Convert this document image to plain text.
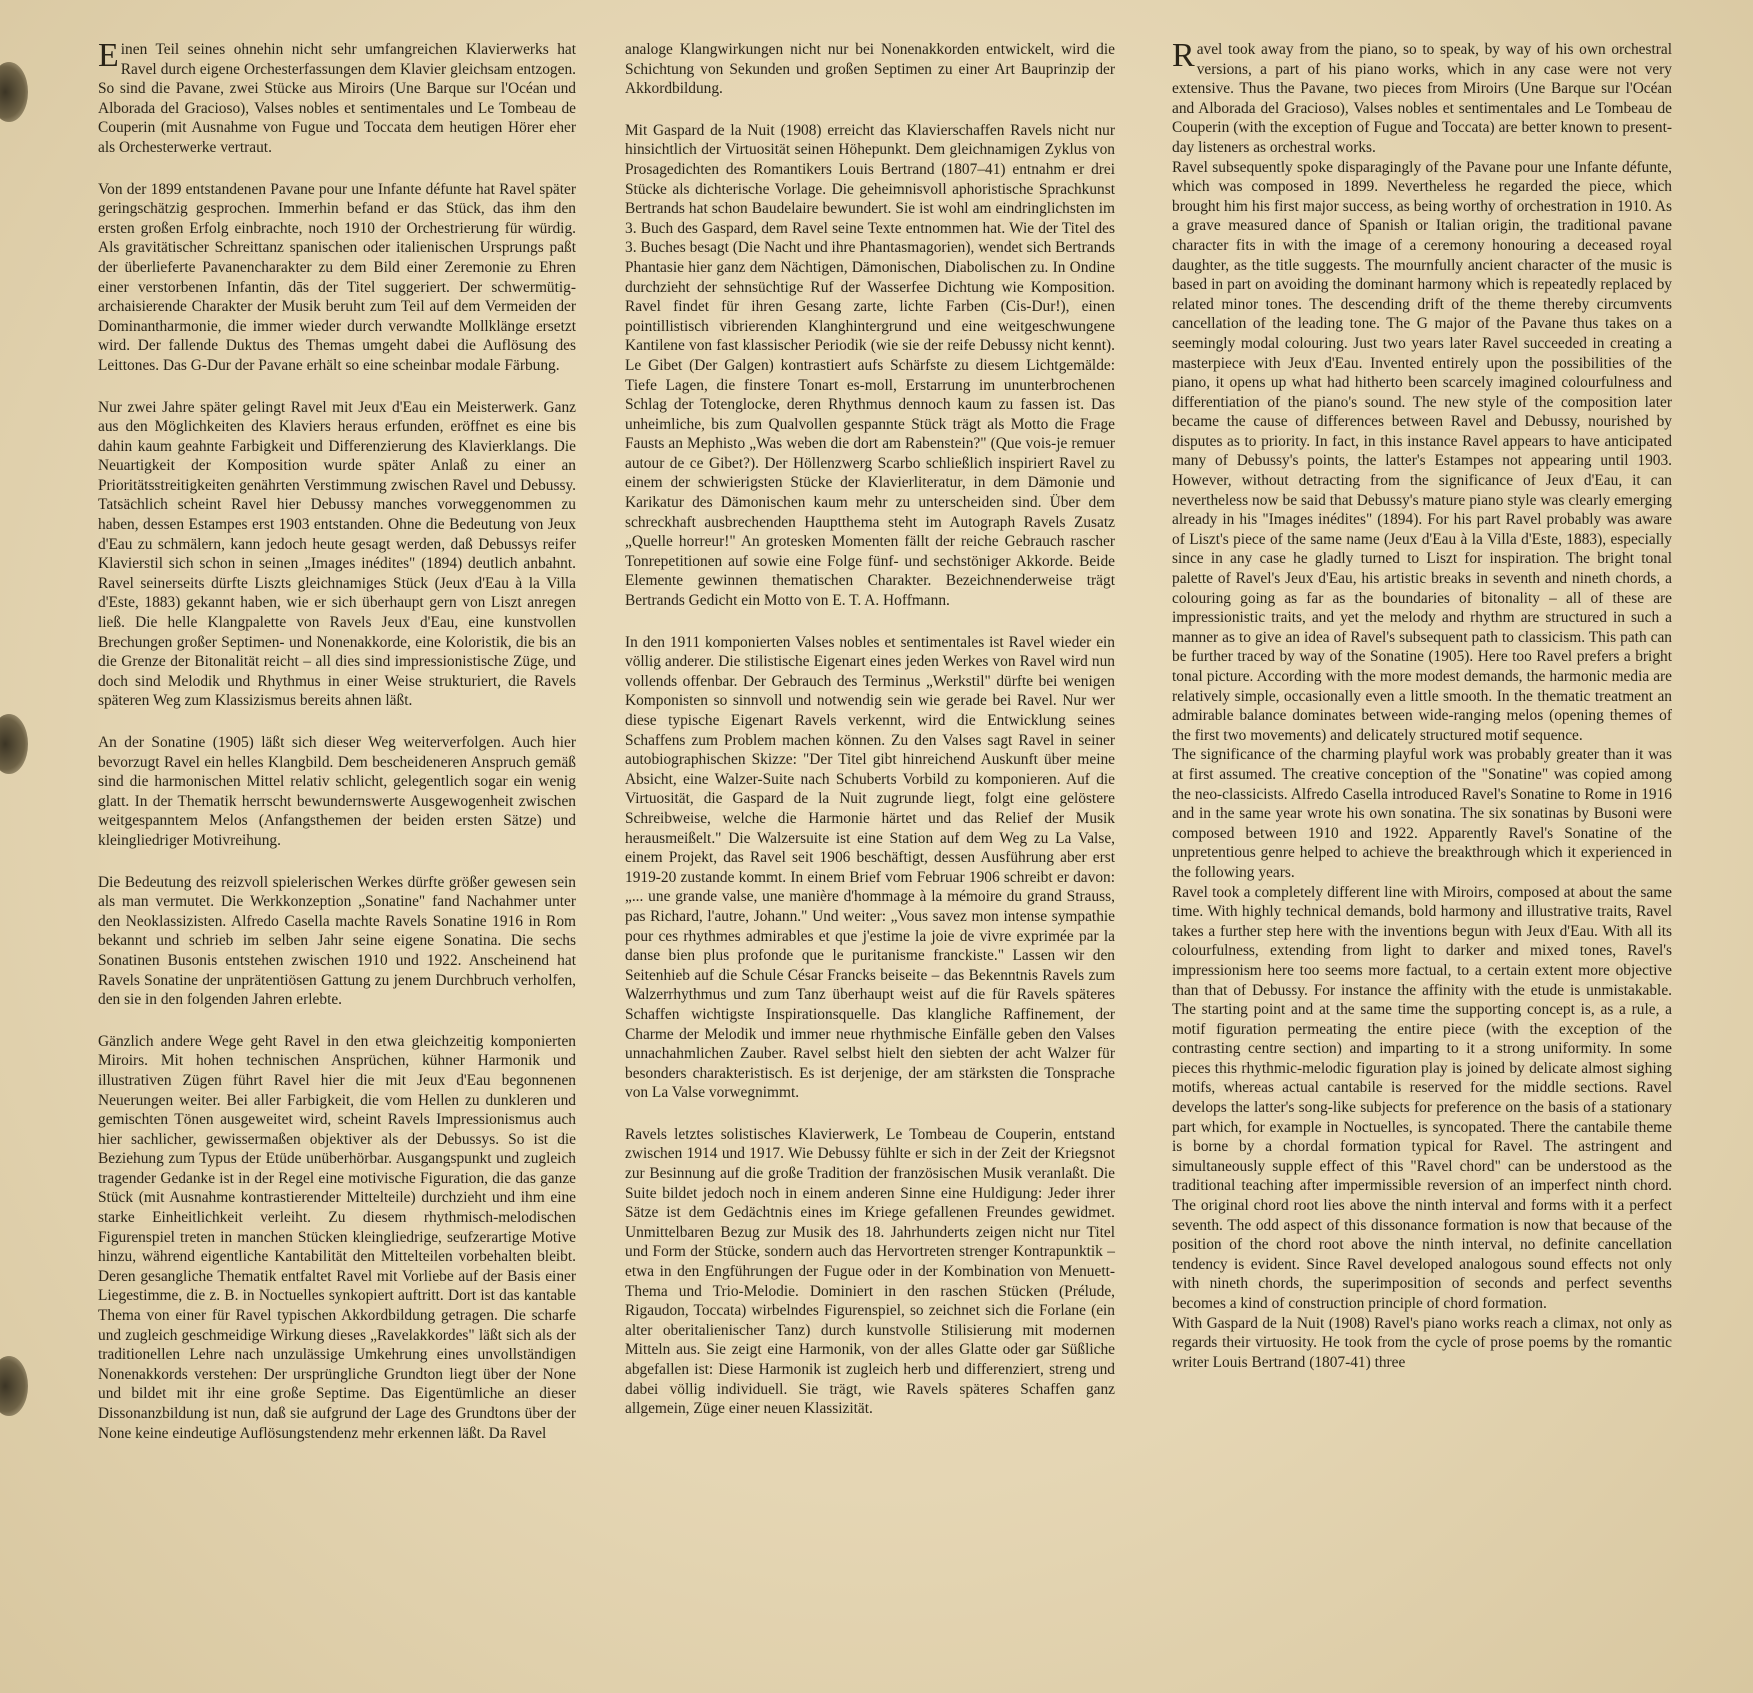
Einen Teil seines ohnehin nicht sehr umfangreichen Klavierwerks hat Ravel durch eigene Orchesterfassungen dem Klavier gleichsam entzogen. So sind die Pavane, zwei Stücke aus Miroirs (Une Barque sur l'Océan und Alborada del Gracioso), Valses nobles et sentimentales und Le Tombeau de Couperin (mit Ausnahme von Fugue und Toccata dem heutigen Hörer eher als Orchesterwerke vertraut.

Von der 1899 entstandenen Pavane pour une Infante défunte hat Ravel später geringschätzig gesprochen. Immerhin befand er das Stück, das ihm den ersten großen Erfolg einbrachte, noch 1910 der Orchestrierung für würdig. Als gravitätischer Schreittanz spanischen oder italienischen Ursprungs paßt der überlieferte Pavanencharakter zu dem Bild einer Zeremonie zu Ehren einer verstorbenen Infantin, dās der Titel suggeriert. Der schwermütig-archaisierende Charakter der Musik beruht zum Teil auf dem Vermeiden der Dominantharmonie, die immer wieder durch verwandte Mollklänge ersetzt wird. Der fallende Duktus des Themas umgeht dabei die Auflösung des Leittones. Das G-Dur der Pavane erhält so eine scheinbar modale Färbung.

Nur zwei Jahre später gelingt Ravel mit Jeux d'Eau ein Meisterwerk. Ganz aus den Möglichkeiten des Klaviers heraus erfunden, eröffnet es eine bis dahin kaum geahnte Farbigkeit und Differenzierung des Klavierklangs. Die Neuartigkeit der Komposition wurde später Anlaß zu einer an Prioritätsstreitigkeiten genährten Verstimmung zwischen Ravel und Debussy. Tatsächlich scheint Ravel hier Debussy manches vorweggenommen zu haben, dessen Estampes erst 1903 entstanden. Ohne die Bedeutung von Jeux d'Eau zu schmälern, kann jedoch heute gesagt werden, daß Debussys reifer Klavierstil sich schon in seinen „Images inédites" (1894) deutlich anbahnt. Ravel seinerseits dürfte Liszts gleichnamiges Stück (Jeux d'Eau à la Villa d'Este, 1883) gekannt haben, wie er sich überhaupt gern von Liszt anregen ließ. Die helle Klangpalette von Ravels Jeux d'Eau, eine kunstvollen Brechungen großer Septimen- und Nonenakkorde, eine Koloristik, die bis an die Grenze der Bitonalität reicht – all dies sind impressionistische Züge, und doch sind Melodik und Rhythmus in einer Weise strukturiert, die Ravels späteren Weg zum Klassizismus bereits ahnen läßt.

An der Sonatine (1905) läßt sich dieser Weg weiterverfolgen. Auch hier bevorzugt Ravel ein helles Klangbild. Dem bescheideneren Anspruch gemäß sind die harmonischen Mittel relativ schlicht, gelegentlich sogar ein wenig glatt. In der Thematik herrscht bewundernswerte Ausgewogenheit zwischen weitgespanntem Melos (Anfangsthemen der beiden ersten Sätze) und kleingliedriger Motivreihung.

Die Bedeutung des reizvoll spielerischen Werkes dürfte größer gewesen sein als man vermutet. Die Werkkonzeption „Sonatine" fand Nachahmer unter den Neoklassizisten. Alfredo Casella machte Ravels Sonatine 1916 in Rom bekannt und schrieb im selben Jahr seine eigene Sonatina. Die sechs Sonatinen Busonis entstehen zwischen 1910 und 1922. Anscheinend hat Ravels Sonatine der unprätentiösen Gattung zu jenem Durchbruch verholfen, den sie in den folgenden Jahren erlebte.

Gänzlich andere Wege geht Ravel in den etwa gleichzeitig komponierten Miroirs. Mit hohen technischen Ansprüchen, kühner Harmonik und illustrativen Zügen führt Ravel hier die mit Jeux d'Eau begonnenen Neuerungen weiter. Bei aller Farbigkeit, die vom Hellen zu dunkleren und gemischten Tönen ausgeweitet wird, scheint Ravels Impressionismus auch hier sachlicher, gewissermaßen objektiver als der Debussys. So ist die Beziehung zum Typus der Etüde unüberhörbar. Ausgangspunkt und zugleich tragender Gedanke ist in der Regel eine motivische Figuration, die das ganze Stück (mit Ausnahme kontrastierender Mittelteile) durchzieht und ihm eine starke Einheitlichkeit verleiht. Zu diesem rhythmisch-melodischen Figurenspiel treten in manchen Stücken kleingliedrige, seufzerartige Motive hinzu, während eigentliche Kantabilität den Mittelteilen vorbehalten bleibt. Deren gesangliche Thematik entfaltet Ravel mit Vorliebe auf der Basis einer Liegestimme, die z. B. in Noctuelles synkopiert auftritt. Dort ist das kantable Thema von einer für Ravel typischen Akkordbildung getragen. Die scharfe und zugleich geschmeidige Wirkung dieses „Ravelakkordes" läßt sich als der traditionellen Lehre nach unzulässige Umkehrung eines unvollständigen Nonenakkords verstehen: Der ursprüngliche Grundton liegt über der None und bildet mit ihr eine große Septime. Das Eigentümliche an dieser Dissonanzbildung ist nun, daß sie aufgrund der Lage des Grundtons über der None keine eindeutige Auflösungstendenz mehr erkennen läßt. Da Ravel

analoge Klangwirkungen nicht nur bei Nonenakkorden entwickelt, wird die Schichtung von Sekunden und großen Septimen zu einer Art Bauprinzip der Akkordbildung.

Mit Gaspard de la Nuit (1908) erreicht das Klavierschaffen Ravels nicht nur hinsichtlich der Virtuosität seinen Höhepunkt. Dem gleichnamigen Zyklus von Prosagedichten des Romantikers Louis Bertrand (1807–41) entnahm er drei Stücke als dichterische Vorlage. Die geheimnisvoll aphoristische Sprachkunst Bertrands hat schon Baudelaire bewundert. Sie ist wohl am eindringlichsten im 3. Buch des Gaspard, dem Ravel seine Texte entnommen hat. Wie der Titel des 3. Buches besagt (Die Nacht und ihre Phantasmagorien), wendet sich Bertrands Phantasie hier ganz dem Nächtigen, Dämonischen, Diabolischen zu. In Ondine durchzieht der sehnsüchtige Ruf der Wasserfee Dichtung wie Komposition. Ravel findet für ihren Gesang zarte, lichte Farben (Cis-Dur!), einen pointillistisch vibrierenden Klanghintergrund und eine weitgeschwungene Kantilene von fast klassischer Periodik (wie sie der reife Debussy nicht kennt). Le Gibet (Der Galgen) kontrastiert aufs Schärfste zu diesem Lichtgemälde: Tiefe Lagen, die finstere Tonart es-moll, Erstarrung im ununterbrochenen Schlag der Totenglocke, deren Rhythmus dennoch kaum zu fassen ist. Das unheimliche, bis zum Qualvollen gespannte Stück trägt als Motto die Frage Fausts an Mephisto „Was weben die dort am Rabenstein?" (Que vois-je remuer autour de ce Gibet?). Der Höllenzwerg Scarbo schließlich inspiriert Ravel zu einem der schwierigsten Stücke der Klavierliteratur, in dem Dämonie und Karikatur des Dämonischen kaum mehr zu unterscheiden sind. Über dem schreckhaft ausbrechenden Hauptthema steht im Autograph Ravels Zusatz „Quelle horreur!" An grotesken Momenten fällt der reiche Gebrauch rascher Tonrepetitionen auf sowie eine Folge fünf- und sechstöniger Akkorde. Beide Elemente gewinnen thematischen Charakter. Bezeichnenderweise trägt Bertrands Gedicht ein Motto von E. T. A. Hoffmann.

In den 1911 komponierten Valses nobles et sentimentales ist Ravel wieder ein völlig anderer. Die stilistische Eigenart eines jeden Werkes von Ravel wird nun vollends offenbar. Der Gebrauch des Terminus „Werkstil" dürfte bei wenigen Komponisten so sinnvoll und notwendig sein wie gerade bei Ravel. Nur wer diese typische Eigenart Ravels verkennt, wird die Entwicklung seines Schaffens zum Problem machen können. Zu den Valses sagt Ravel in seiner autobiographischen Skizze: "Der Titel gibt hinreichend Auskunft über meine Absicht, eine Walzer-Suite nach Schuberts Vorbild zu komponieren. Auf die Virtuosität, die Gaspard de la Nuit zugrunde liegt, folgt eine gelöstere Schreibweise, welche die Harmonie härtet und das Relief der Musik herausmeißelt." Die Walzersuite ist eine Station auf dem Weg zu La Valse, einem Projekt, das Ravel seit 1906 beschäftigt, dessen Ausführung aber erst 1919-20 zustande kommt. In einem Brief vom Februar 1906 schreibt er davon: „... une grande valse, une manière d'hommage à la mémoire du grand Strauss, pas Richard, l'autre, Johann." Und weiter: „Vous savez mon intense sympathie pour ces rhythmes admirables et que j'estime la joie de vivre exprimée par la danse bien plus profonde que le puritanisme franckiste." Lassen wir den Seitenhieb auf die Schule César Francks beiseite – das Bekenntnis Ravels zum Walzerrhythmus und zum Tanz überhaupt weist auf die für Ravels späteres Schaffen wichtigste Inspirationsquelle. Das klangliche Raffinement, der Charme der Melodik und immer neue rhythmische Einfälle geben den Valses unnachahmlichen Zauber. Ravel selbst hielt den siebten der acht Walzer für besonders charakteristisch. Es ist derjenige, der am stärksten die Tonsprache von La Valse vorwegnimmt.

Ravels letztes solistisches Klavierwerk, Le Tombeau de Couperin, entstand zwischen 1914 und 1917. Wie Debussy fühlte er sich in der Zeit der Kriegsnot zur Besinnung auf die große Tradition der französischen Musik veranlaßt. Die Suite bildet jedoch noch in einem anderen Sinne eine Huldigung: Jeder ihrer Sätze ist dem Gedächtnis eines im Kriege gefallenen Freundes gewidmet. Unmittelbaren Bezug zur Musik des 18. Jahrhunderts zeigen nicht nur Titel und Form der Stücke, sondern auch das Hervortreten strenger Kontrapunktik – etwa in den Engführungen der Fugue oder in der Kombination von Menuett-Thema und Trio-Melodie. Dominiert in den raschen Stücken (Prélude, Rigaudon, Toccata) wirbelndes Figurenspiel, so zeichnet sich die Forlane (ein alter oberitalienischer Tanz) durch kunstvolle Stilisierung mit modernen Mitteln aus. Sie zeigt eine Harmonik, von der alles Glatte oder gar Süßliche abgefallen ist: Diese Harmonik ist zugleich herb und differenziert, streng und dabei völlig individuell. Sie trägt, wie Ravels späteres Schaffen ganz allgemein, Züge einer neuen Klassizität.

Ravel took away from the piano, so to speak, by way of his own orchestral versions, a part of his piano works, which in any case were not very extensive. Thus the Pavane, two pieces from Miroirs (Une Barque sur l'Océan and Alborada del Gracioso), Valses nobles et sentimentales and Le Tombeau de Couperin (with the exception of Fugue and Toccata) are better known to present-day listeners as orchestral works.

Ravel subsequently spoke disparagingly of the Pavane pour une Infante défunte, which was composed in 1899. Nevertheless he regarded the piece, which brought him his first major success, as being worthy of orchestration in 1910. As a grave measured dance of Spanish or Italian origin, the traditional pavane character fits in with the image of a ceremony honouring a deceased royal daughter, as the title suggests. The mournfully ancient character of the music is based in part on avoiding the dominant harmony which is repeatedly replaced by related minor tones. The descending drift of the theme thereby circumvents cancellation of the leading tone. The G major of the Pavane thus takes on a seemingly modal colouring. Just two years later Ravel succeeded in creating a masterpiece with Jeux d'Eau. Invented entirely upon the possibilities of the piano, it opens up what had hitherto been scarcely imagined colourfulness and differentiation of the piano's sound. The new style of the composition later became the cause of differences between Ravel and Debussy, nourished by disputes as to priority. In fact, in this instance Ravel appears to have anticipated many of Debussy's points, the latter's Estampes not appearing until 1903. However, without detracting from the significance of Jeux d'Eau, it can nevertheless now be said that Debussy's mature piano style was clearly emerging already in his "Images inédites" (1894). For his part Ravel probably was aware of Liszt's piece of the same name (Jeux d'Eau à la Villa d'Este, 1883), especially since in any case he gladly turned to Liszt for inspiration. The bright tonal palette of Ravel's Jeux d'Eau, his artistic breaks in seventh and nineth chords, a colouring going as far as the boundaries of bitonality – all of these are impressionistic traits, and yet the melody and rhythm are structured in such a manner as to give an idea of Ravel's subsequent path to classicism. This path can be further traced by way of the Sonatine (1905). Here too Ravel prefers a bright tonal picture. According with the more modest demands, the harmonic media are relatively simple, occasionally even a little smooth. In the thematic treatment an admirable balance dominates between wide-ranging melos (opening themes of the first two movements) and delicately structured motif sequence.

The significance of the charming playful work was probably greater than it was at first assumed. The creative conception of the "Sonatine" was copied among the neo-classicists. Alfredo Casella introduced Ravel's Sonatine to Rome in 1916 and in the same year wrote his own sonatina. The six sonatinas by Busoni were composed between 1910 and 1922. Apparently Ravel's Sonatine of the unpretentious genre helped to achieve the breakthrough which it experienced in the following years.

Ravel took a completely different line with Miroirs, composed at about the same time. With highly technical demands, bold harmony and illustrative traits, Ravel takes a further step here with the inventions begun with Jeux d'Eau. With all its colourfulness, extending from light to darker and mixed tones, Ravel's impressionism here too seems more factual, to a certain extent more objective than that of Debussy. For instance the affinity with the etude is unmistakable. The starting point and at the same time the supporting concept is, as a rule, a motif figuration permeating the entire piece (with the exception of the contrasting centre section) and imparting to it a strong uniformity. In some pieces this rhythmic-melodic figuration play is joined by delicate almost sighing motifs, whereas actual cantabile is reserved for the middle sections. Ravel develops the latter's song-like subjects for preference on the basis of a stationary part which, for example in Noctuelles, is syncopated. There the cantabile theme is borne by a chordal formation typical for Ravel. The astringent and simultaneously supple effect of this "Ravel chord" can be understood as the traditional teaching after impermissible reversion of an imperfect ninth chord. The original chord root lies above the ninth interval and forms with it a perfect seventh. The odd aspect of this dissonance formation is now that because of the position of the chord root above the ninth interval, no definite cancellation tendency is evident. Since Ravel developed analogous sound effects not only with nineth chords, the superimposition of seconds and perfect sevenths becomes a kind of construction principle of chord formation.

With Gaspard de la Nuit (1908) Ravel's piano works reach a climax, not only as regards their virtuosity. He took from the cycle of prose poems by the romantic writer Louis Bertrand (1807-41) three
